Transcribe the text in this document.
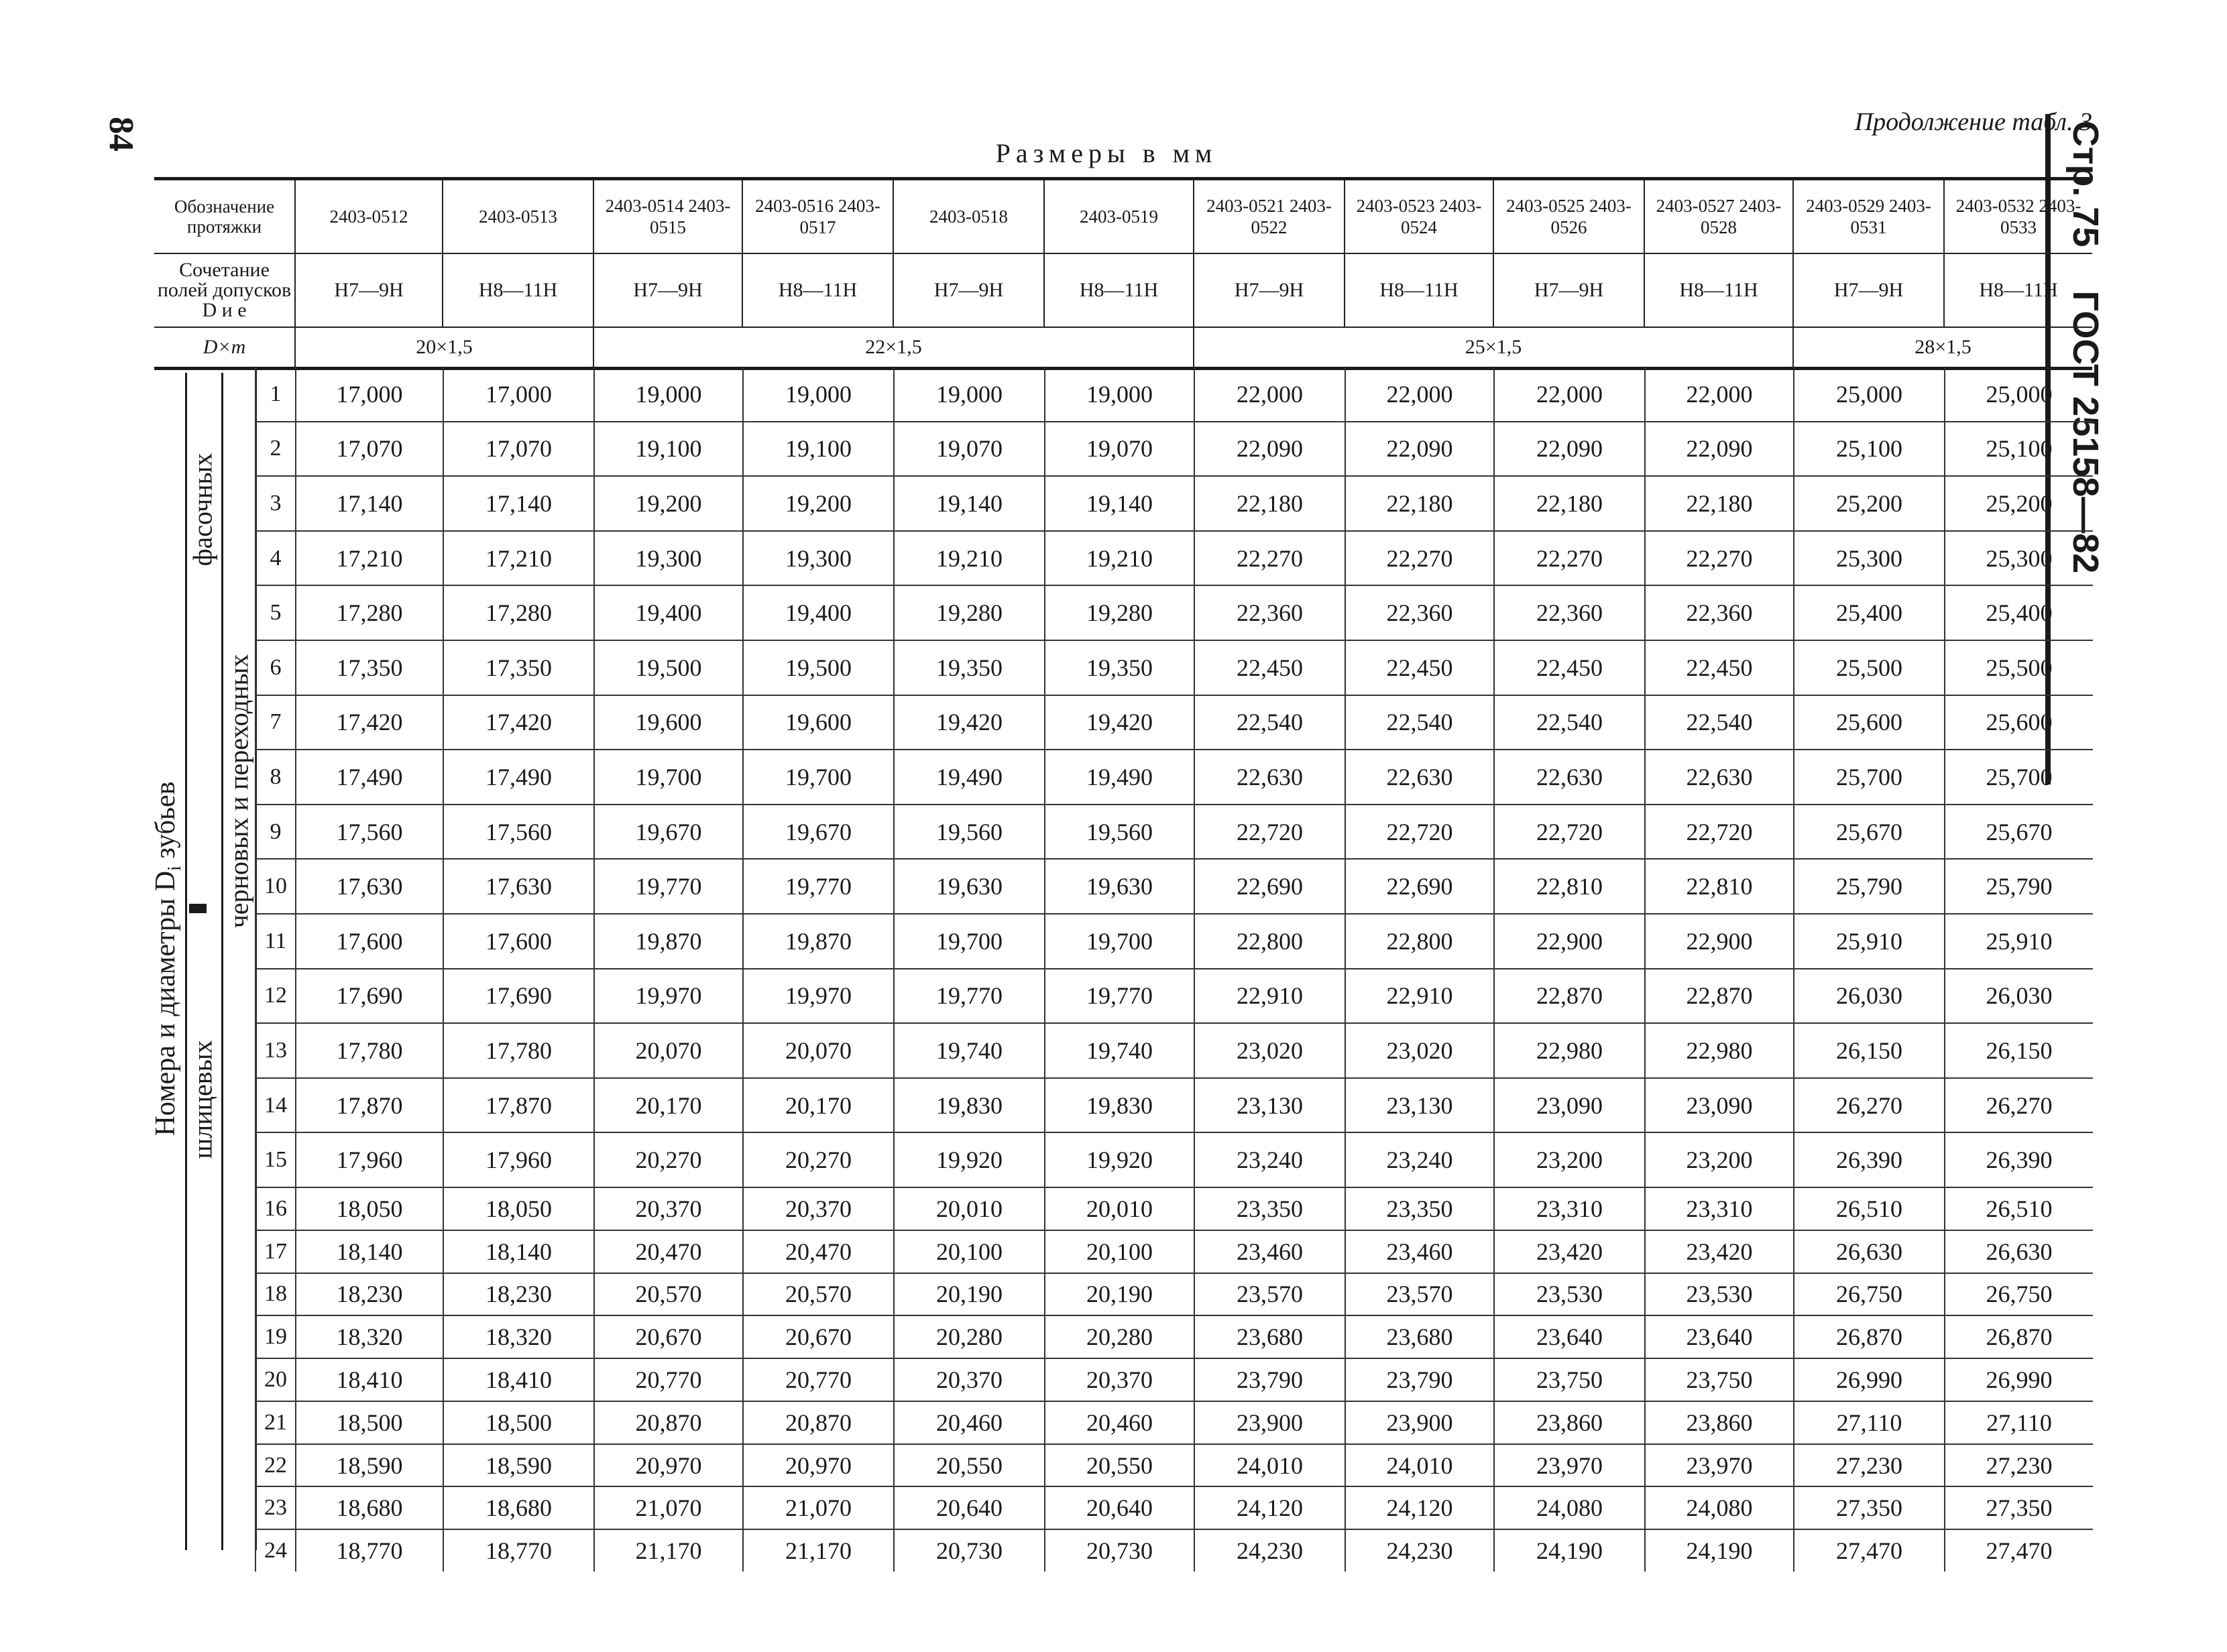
84	Продолжение табл. 3
Размеры в мм	Стр. 75 ГОСТ 25158—82
Обозначение протяжки	2403-0512	2403-0513	2403-0514 2403-0515	2403-0516 2403-0517	2403-0518	2403-0519	2403-0521 2403-0522	2403-0523 2403-0524	2403-0525 2403-0526	2403-0527 2403-0528	2403-0529 2403-0531	2403-0532 2403-0533
Сочетание полей допусков D и e	H7—9H	H8—11H	H7—9H	H8—11H	H7—9H	H8—11H	H7—9H	H8—11H	H7—9H	H8—11H	H7—9H	H8—11H
D×m	20×1,5		22×1,5				25×1,5				28×1,5	
Номера и диаметры $D_i$ зубьев
фасочных
черновых и переходных
шлицевых
1	17,000	17,000	19,000	19,000	19,000	19,000	22,000	22,000	22,000	22,000	25,000	25,000
2	17,070	17,070	19,100	19,100	19,070	19,070	22,090	22,090	22,090	22,090	25,100	25,100
3	17,140	17,140	19,200	19,200	19,140	19,140	22,180	22,180	22,180	22,180	25,200	25,200
4	17,210	17,210	19,300	19,300	19,210	19,210	22,270	22,270	22,270	22,270	25,300	25,300
5	17,280	17,280	19,400	19,400	19,280	19,280	22,360	22,360	22,360	22,360	25,400	25,400
6	17,350	17,350	19,500	19,500	19,350	19,350	22,450	22,450	22,450	22,450	25,500	25,500
7	17,420	17,420	19,600	19,600	19,420	19,420	22,540	22,540	22,540	22,540	25,600	25,600
8	17,490	17,490	19,700	19,700	19,490	19,490	22,630	22,630	22,630	22,630	25,700	25,700
9	17,560	17,560	19,670	19,670	19,560	19,560	22,720	22,720	22,720	22,720	25,670	25,670
10	17,630	17,630	19,770	19,770	19,630	19,630	22,690	22,690	22,810	22,810	25,790	25,790
11	17,600	17,600	19,870	19,870	19,700	19,700	22,800	22,800	22,900	22,900	25,910	25,910
12	17,690	17,690	19,970	19,970	19,770	19,770	22,910	22,910	22,870	22,870	26,030	26,030
13	17,780	17,780	20,070	20,070	19,740	19,740	23,020	23,020	22,980	22,980	26,150	26,150
14	17,870	17,870	20,170	20,170	19,830	19,830	23,130	23,130	23,090	23,090	26,270	26,270
15	17,960	17,960	20,270	20,270	19,920	19,920	23,240	23,240	23,200	23,200	26,390	26,390
16	18,050	18,050	20,370	20,370	20,010	20,010	23,350	23,350	23,310	23,310	26,510	26,510
17	18,140	18,140	20,470	20,470	20,100	20,100	23,460	23,460	23,420	23,420	26,630	26,630
18	18,230	18,230	20,570	20,570	20,190	20,190	23,570	23,570	23,530	23,530	26,750	26,750
19	18,320	18,320	20,670	20,670	20,280	20,280	23,680	23,680	23,640	23,640	26,870	26,870
20	18,410	18,410	20,770	20,770	20,370	20,370	23,790	23,790	23,750	23,750	26,990	26,990
21	18,500	18,500	20,870	20,870	20,460	20,460	23,900	23,900	23,860	23,860	27,110	27,110
22	18,590	18,590	20,970	20,970	20,550	20,550	24,010	24,010	23,970	23,970	27,230	27,230
23	18,680	18,680	21,070	21,070	20,640	20,640	24,120	24,120	24,080	24,080	27,350	27,350
24	18,770	18,770	21,170	21,170	20,730	20,730	24,230	24,230	24,190	24,190	27,470	27,470
